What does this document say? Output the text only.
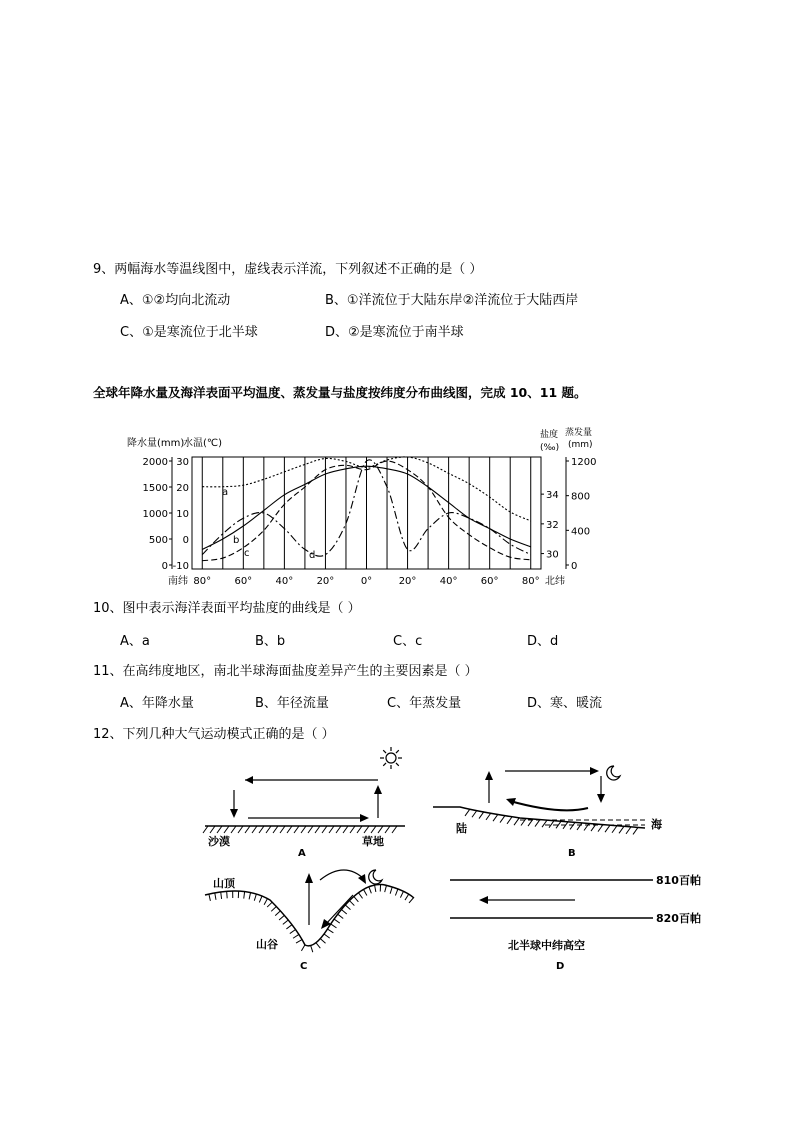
9、两幅海水等温线图中，虚线表示洋流，下列叙述不正确的是（ ）
A、①②均向北流动	B、①洋流位于大陆东岸②洋流位于大陆西岸
C、①是寒流位于北半球	D、②是寒流位于南半球
全球年降水量及海洋表面平均温度、蒸发量与盐度按纬度分布曲线图，完成 10、11 题。
80° 60° 40° 20°	0°	20° 40° 60° 80°
南纬	北纬
降水量(mm)
水温(℃)
盐度
(‰)
蒸发量
(mm)
2000
1500
1000
500
0
30
20
10
0
-10
34
32
30
1200
800
400
0
a
b
c	d
10、图中表示海洋表面平均盐度的曲线是（ ）
A、a	B、b	C、c	D、d
11、在高纬度地区，南北半球海面盐度差异产生的主要因素是（ ）
A、年降水量	B、年径流量	C、年蒸发量	D、寒、暖流
12、下列几种大气运动模式正确的是（ ）
沙漠	草地
A
陆	海
B
山顶
山谷
C
810百帕
820百帕
北半球中纬高空
D
